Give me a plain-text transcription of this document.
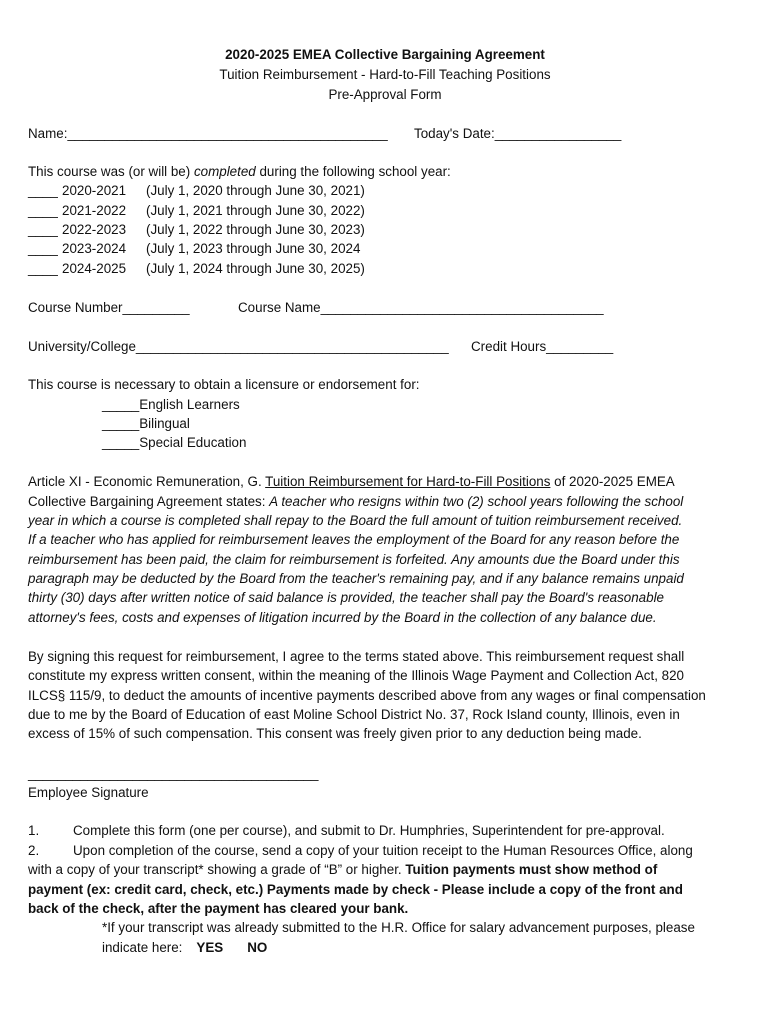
2020-2025 EMEA Collective Bargaining Agreement
Tuition Reimbursement - Hard-to-Fill Teaching Positions
Pre-Approval Form
Name:___________________________________________ Today's Date:_________________
This course was (or will be) completed during the following school year:
____ 2020-2021 (July 1, 2020 through June 30, 2021)
____ 2021-2022 (July 1, 2021 through June 30, 2022)
____ 2022-2023 (July 1, 2022 through June 30, 2023)
____ 2023-2024 (July 1, 2023 through June 30, 2024
____ 2024-2025 (July 1, 2024 through June 30, 2025)
Course Number_________	Course Name______________________________________
University/College__________________________________________ Credit Hours_________
This course is necessary to obtain a licensure or endorsement for:
_____English Learners
_____Bilingual
_____Special Education
Article XI - Economic Remuneration, G. Tuition Reimbursement for Hard-to-Fill Positions of 2020-2025 EMEA
Collective Bargaining Agreement states: A teacher who resigns within two (2) school years following the school
year in which a course is completed shall repay to the Board the full amount of tuition reimbursement received.
If a teacher who has applied for reimbursement leaves the employment of the Board for any reason before the
reimbursement has been paid, the claim for reimbursement is forfeited. Any amounts due the Board under this
paragraph may be deducted by the Board from the teacher's remaining pay, and if any balance remains unpaid
thirty (30) days after written notice of said balance is provided, the teacher shall pay the Board's reasonable
attorney's fees, costs and expenses of litigation incurred by the Board in the collection of any balance due.
By signing this request for reimbursement, I agree to the terms stated above. This reimbursement request shall
constitute my express written consent, within the meaning of the Illinois Wage Payment and Collection Act, 820
ILCS§ 115/9, to deduct the amounts of incentive payments described above from any wages or final compensation
due to me by the Board of Education of east Moline School District No. 37, Rock Island county, Illinois, even in
excess of 15% of such compensation. This consent was freely given prior to any deduction being made.
_______________________________________
Employee Signature
1.	Complete this form (one per course), and submit to Dr. Humphries, Superintendent for pre-approval.
2.	Upon completion of the course, send a copy of your tuition receipt to the Human Resources Office, along
with a copy of your transcript* showing a grade of “B” or higher. Tuition payments must show method of
payment (ex: credit card, check, etc.) Payments made by check - Please include a copy of the front and
back of the check, after the payment has cleared your bank.
*If your transcript was already submitted to the H.R. Office for salary advancement purposes, please
indicate here: YES NO
